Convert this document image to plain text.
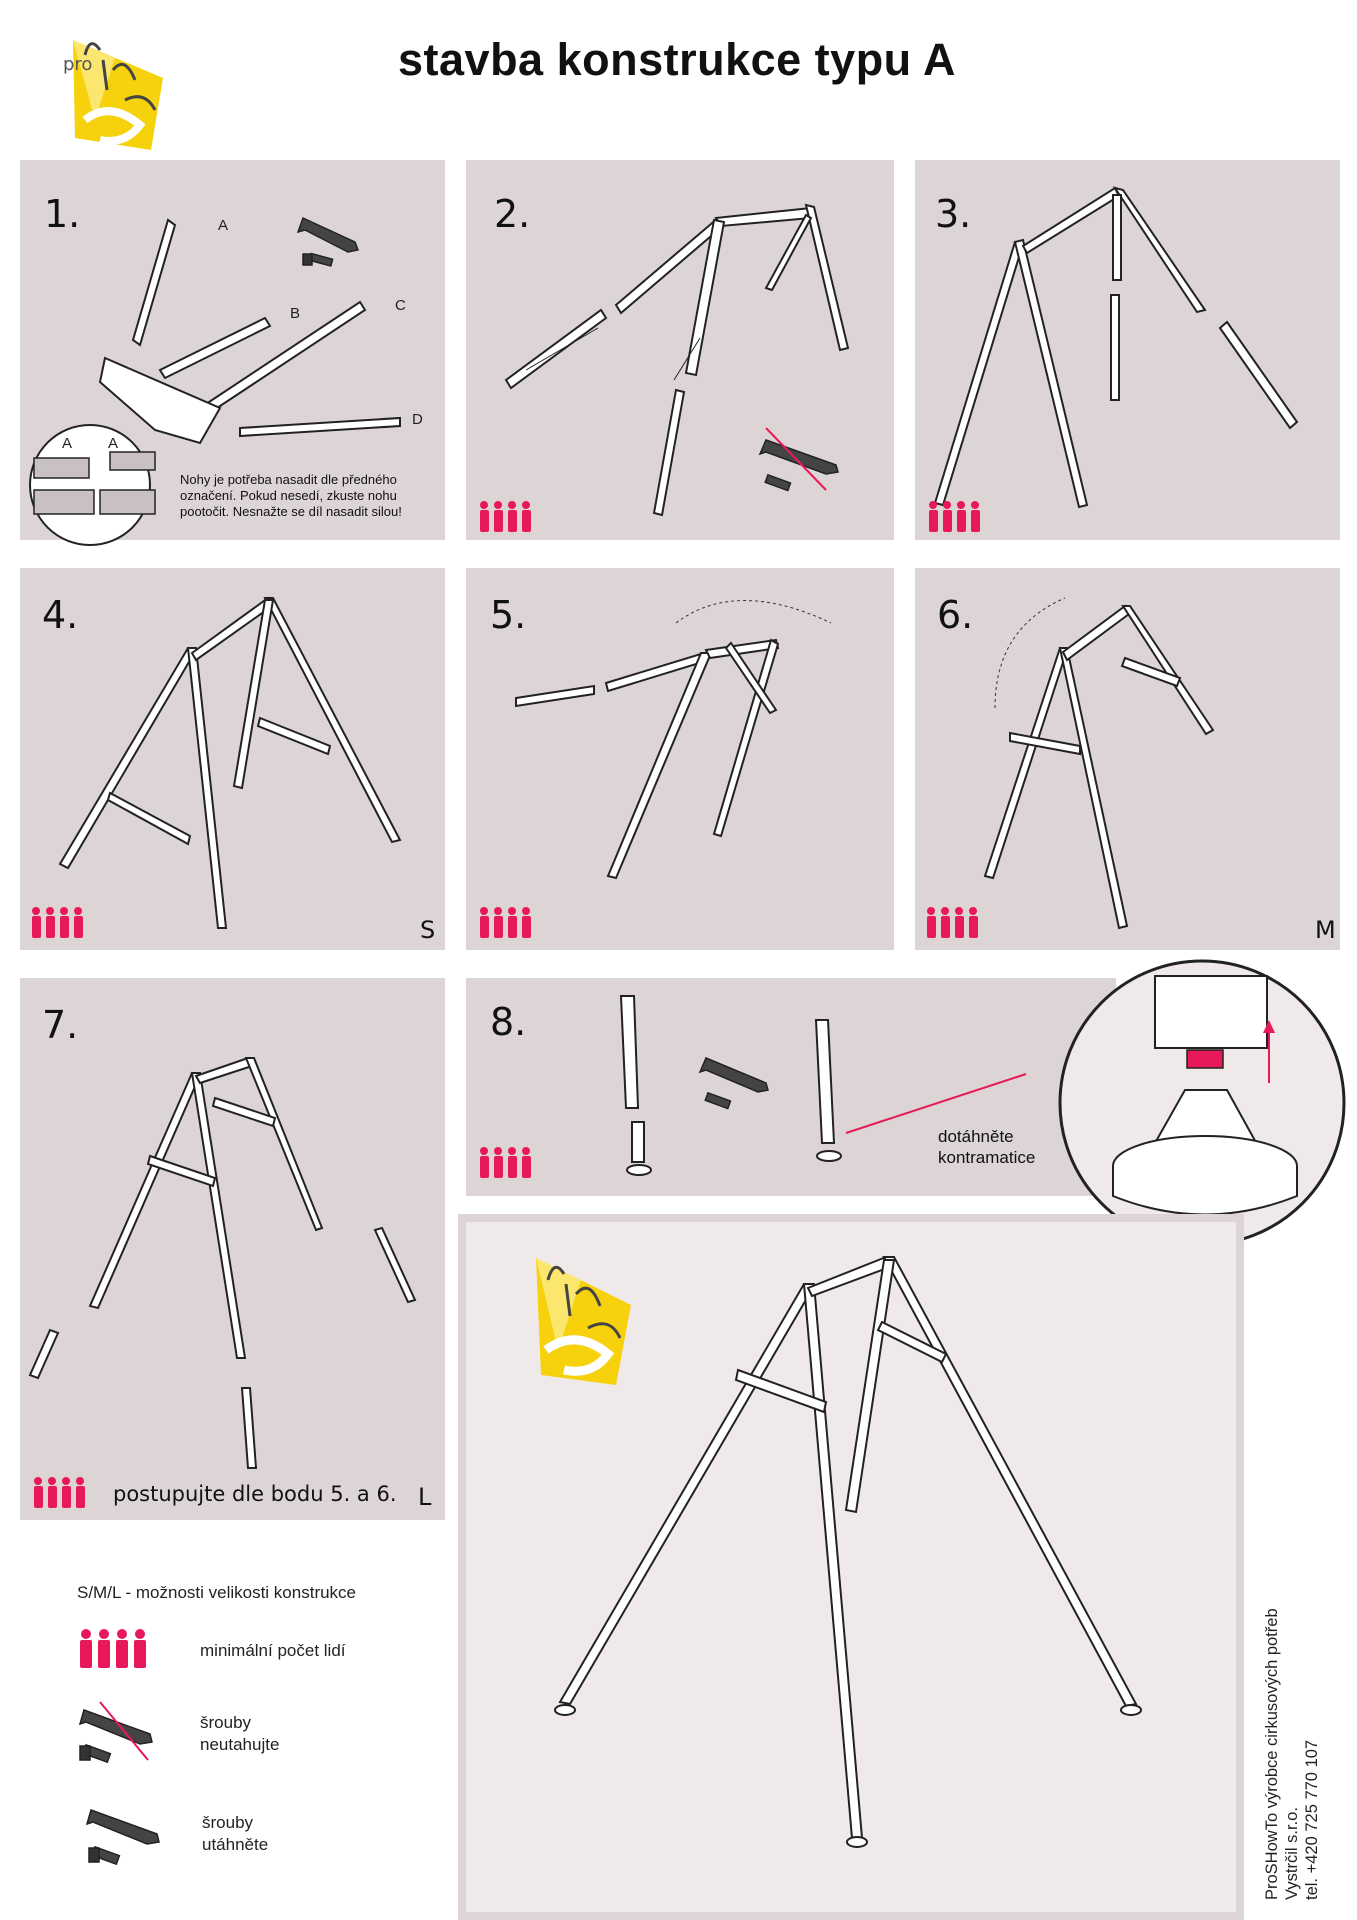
stavba konstrukce typu A
pro
1.	A
B	C
D
A A
Nohy je potřeba nasadit dle předného označení. Pokud nesedí, zkuste nohu pootočit. Nesnažte se díl nasadit silou!
2.	3.
4.
S
5.	6.
M
7.
L
postupujte dle bodu 5. a 6.
8.
dotáhněte
kontramatice
S/M/L - možnosti velikosti konstrukce
minimální počet lidí
šrouby
neutahujte
šrouby
utáhněte	ProSHowTo výrobce cirkusových potřeb Vystrčil s.r.o. tel. +420 725 770 107
